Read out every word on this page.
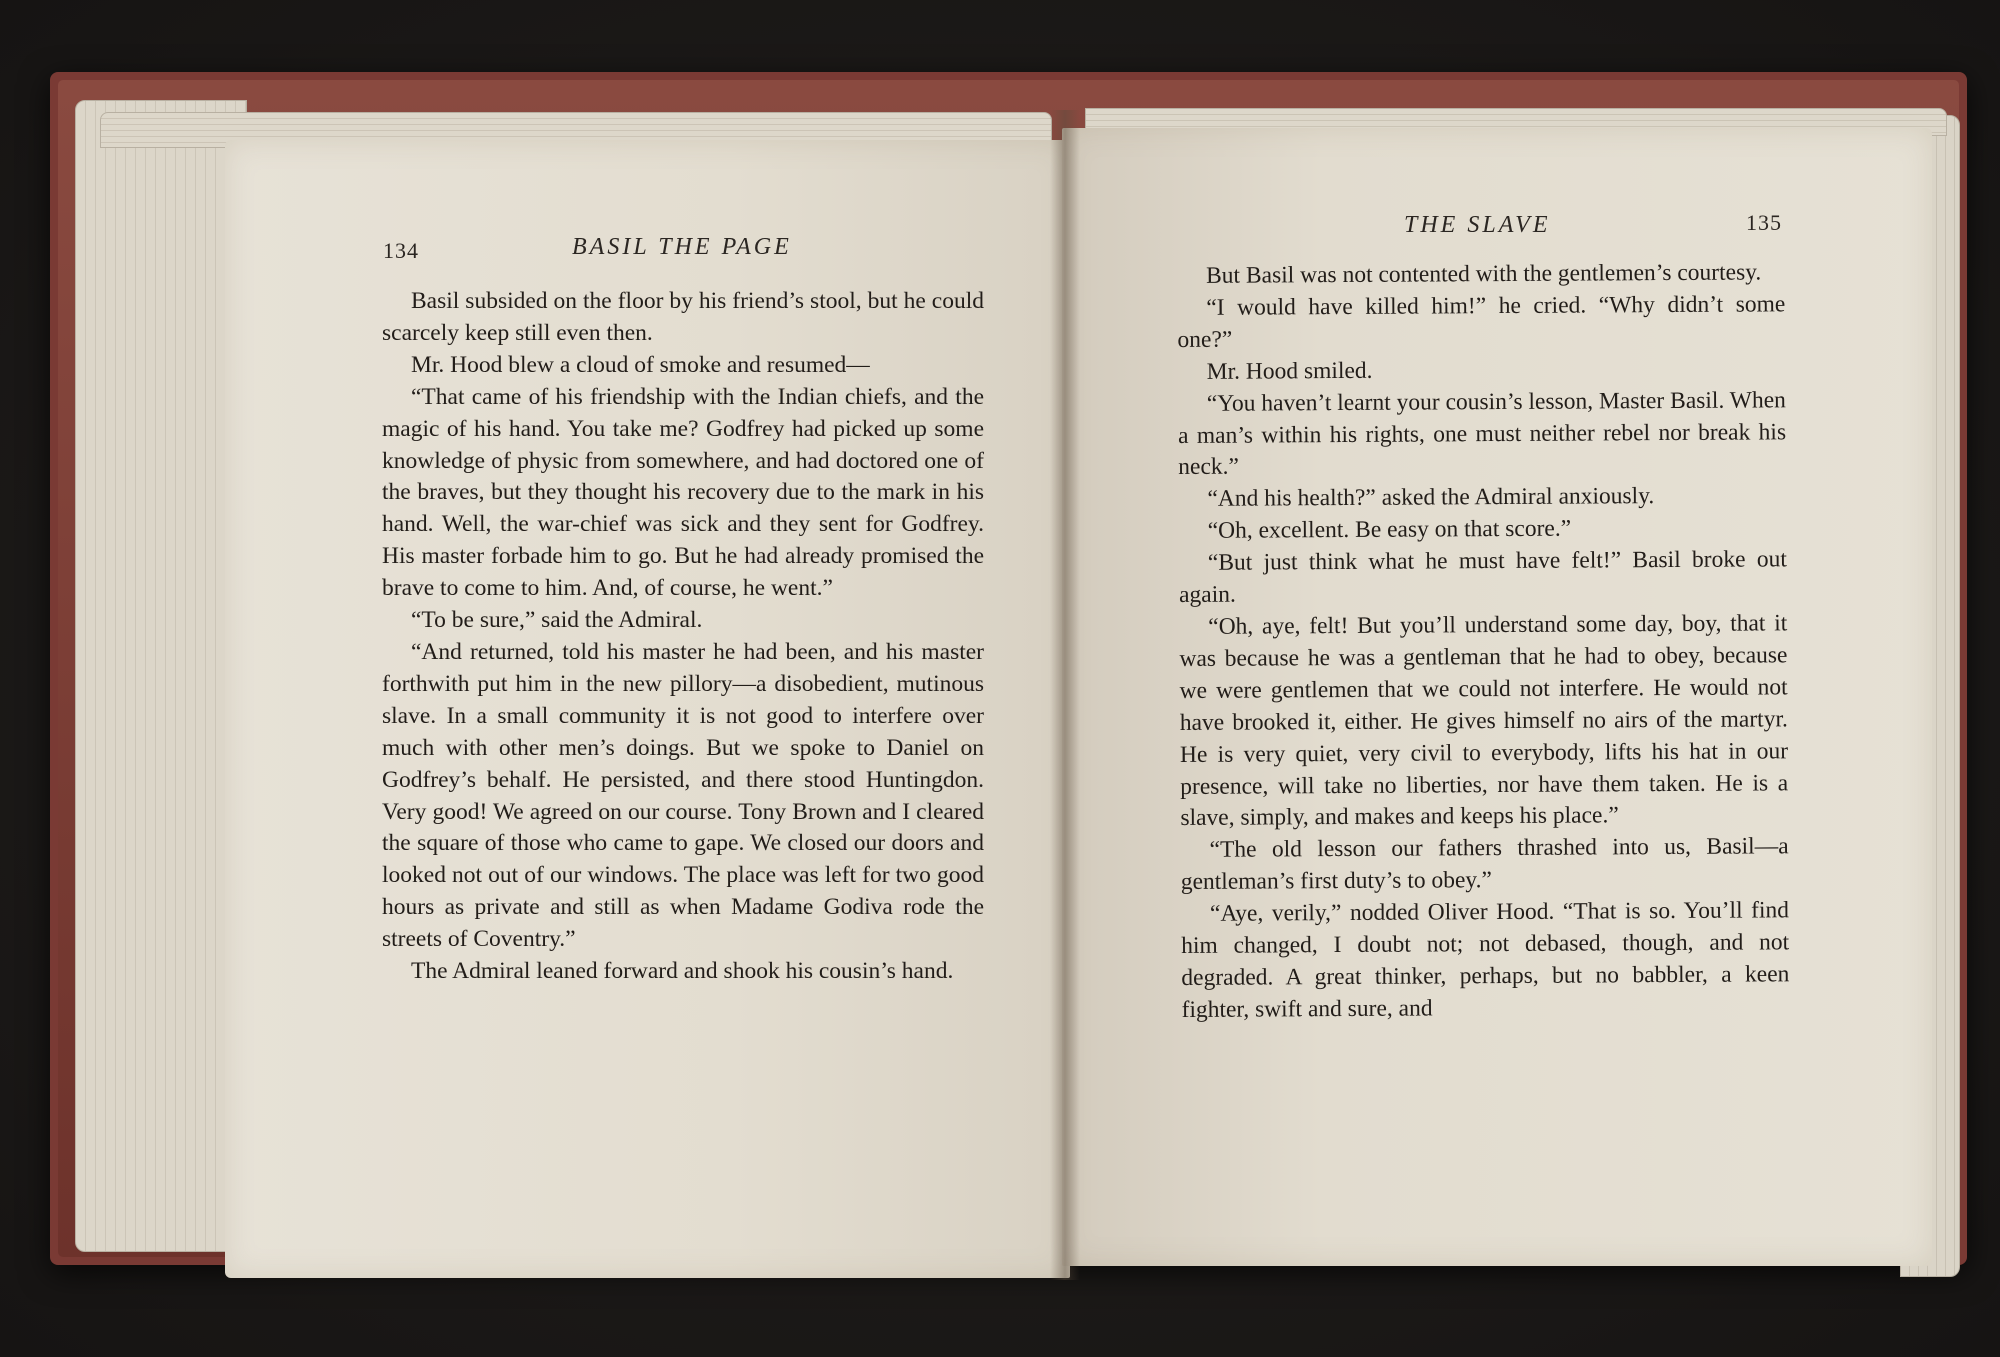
134	BASIL THE PAGE
THE SLAVE	135

Basil subsided on the floor by his friend’s stool, but he could scarcely keep still even then.

Mr. Hood blew a cloud of smoke and resumed—

“That came of his friendship with the Indian chiefs, and the magic of his hand. You take me? Godfrey had picked up some knowledge of physic from somewhere, and had doctored one of the braves, but they thought his recovery due to the mark in his hand. Well, the war-chief was sick and they sent for Godfrey. His master forbade him to go. But he had already promised the brave to come to him. And, of course, he went.”

“To be sure,” said the Admiral.

“And returned, told his master he had been, and his master forthwith put him in the new pillory—a disobedient, mutinous slave. In a small community it is not good to interfere over much with other men’s doings. But we spoke to Daniel on Godfrey’s behalf. He persisted, and there stood Huntingdon. Very good! We agreed on our course. Tony Brown and I cleared the square of those who came to gape. We closed our doors and looked not out of our windows. The place was left for two good hours as private and still as when Madame Godiva rode the streets of Coventry.”

The Admiral leaned forward and shook his cousin’s hand.

But Basil was not contented with the gentlemen’s courtesy.

“I would have killed him!” he cried. “Why didn’t some one?”

Mr. Hood smiled.

“You haven’t learnt your cousin’s lesson, Master Basil. When a man’s within his rights, one must neither rebel nor break his neck.”

“And his health?” asked the Admiral anxiously.

“Oh, excellent. Be easy on that score.”

“But just think what he must have felt!” Basil broke out again.

“Oh, aye, felt! But you’ll understand some day, boy, that it was because he was a gentleman that he had to obey, because we were gentlemen that we could not interfere. He would not have brooked it, either. He gives himself no airs of the martyr. He is very quiet, very civil to everybody, lifts his hat in our presence, will take no liberties, nor have them taken. He is a slave, simply, and makes and keeps his place.”

“The old lesson our fathers thrashed into us, Basil—a gentleman’s first duty’s to obey.”

“Aye, verily,” nodded Oliver Hood. “That is so. You’ll find him changed, I doubt not; not debased, though, and not degraded. A great thinker, perhaps, but no babbler, a keen fighter, swift and sure, and
